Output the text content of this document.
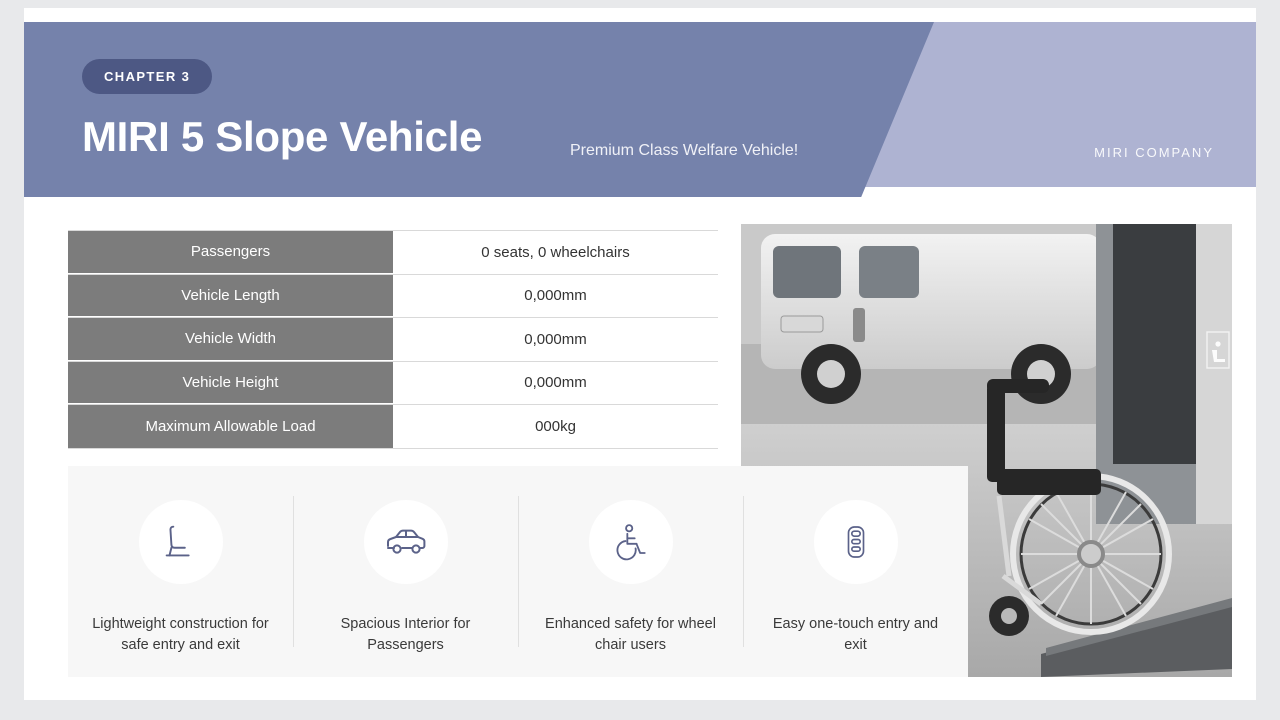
CHAPTER 3
MIRI 5 Slope Vehicle	Premium Class Welfare Vehicle!	MIRI COMPANY
Passengers	0 seats, 0 wheelchairs
Vehicle Length	0,000mm
Vehicle Width	0,000mm
Vehicle Height	0,000mm
Maximum Allowable Load	000kg
Lightweight construction for safe entry and exit
Spacious Interior for Passengers
Enhanced safety for wheel chair users
Easy one-touch entry and exit
